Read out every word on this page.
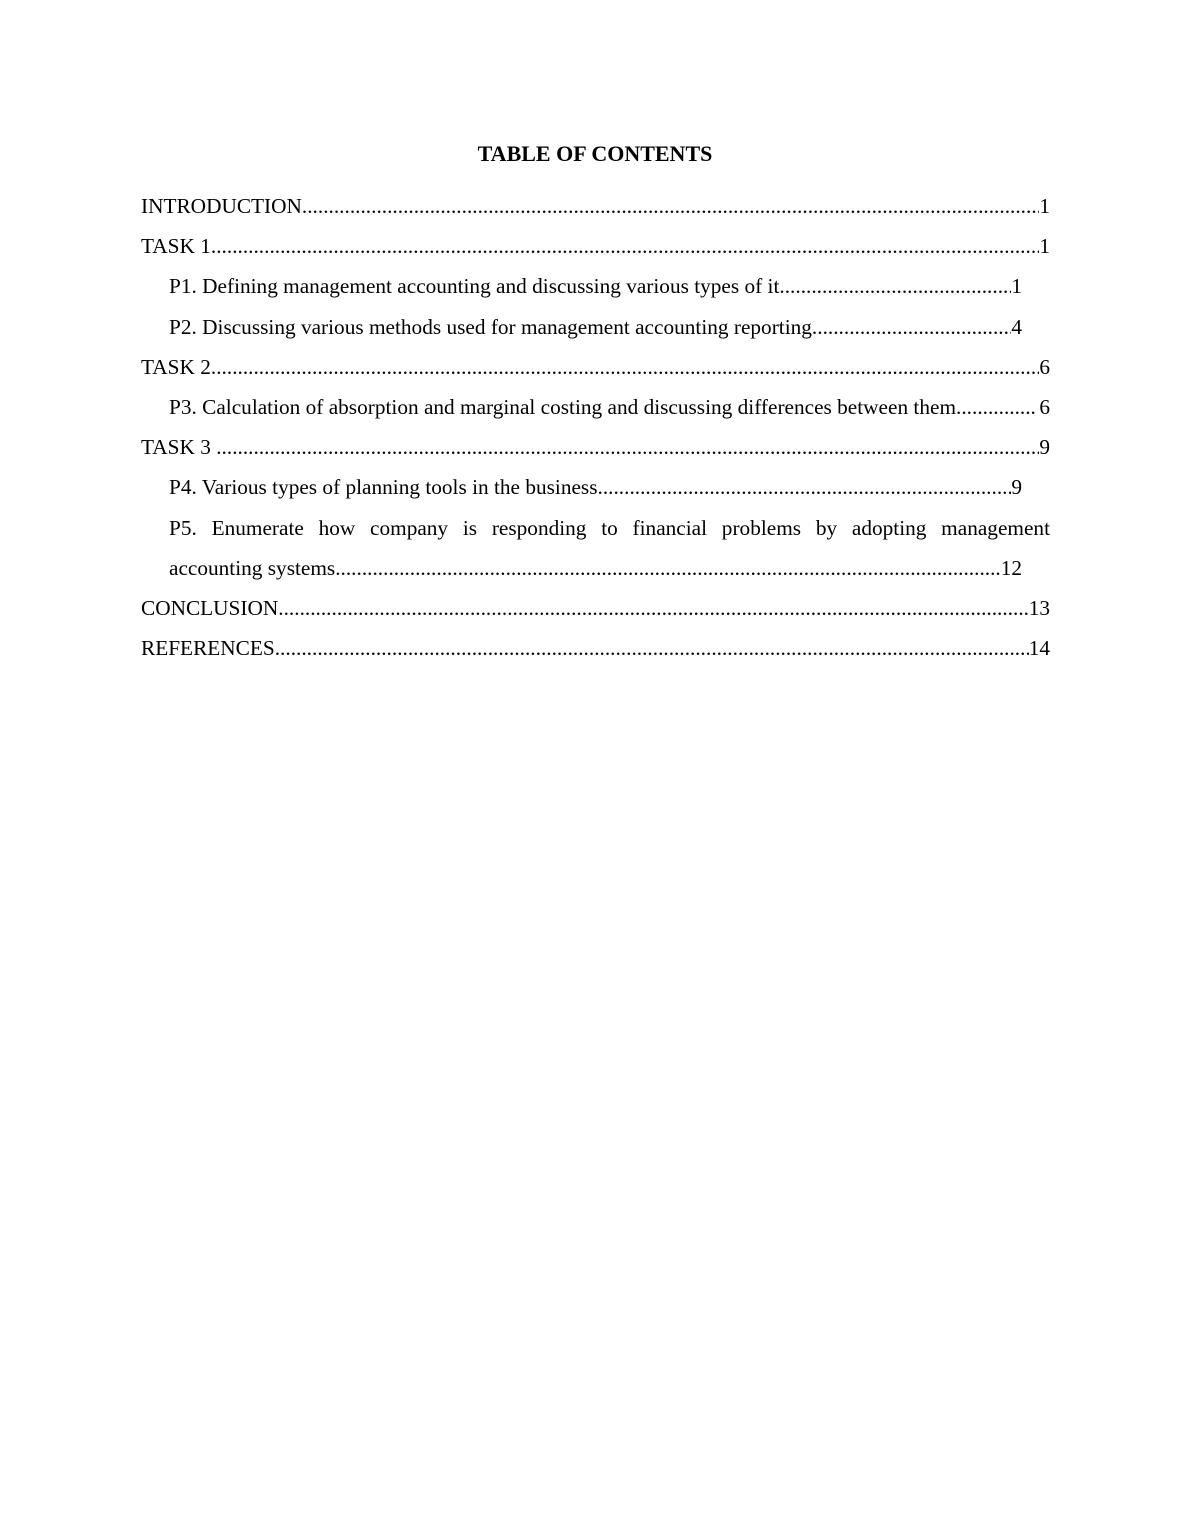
TABLE OF CONTENTS
INTRODUCTION .....	1
TASK 1 .....	1
P1. Defining management accounting and discussing various types of it. .....	1
P2. Discussing various methods used for management accounting reporting. .....	4
TASK 2 .....	6
P3. Calculation of absorption and marginal costing and discussing differences between them. .....	6
TASK 3 .....	9
P4. Various types of planning tools in the business. .....	9
P5. Enumerate how company is responding to financial problems by adopting management
accounting systems. .....	12
CONCLUSION .....	13
REFERENCES .....	14
